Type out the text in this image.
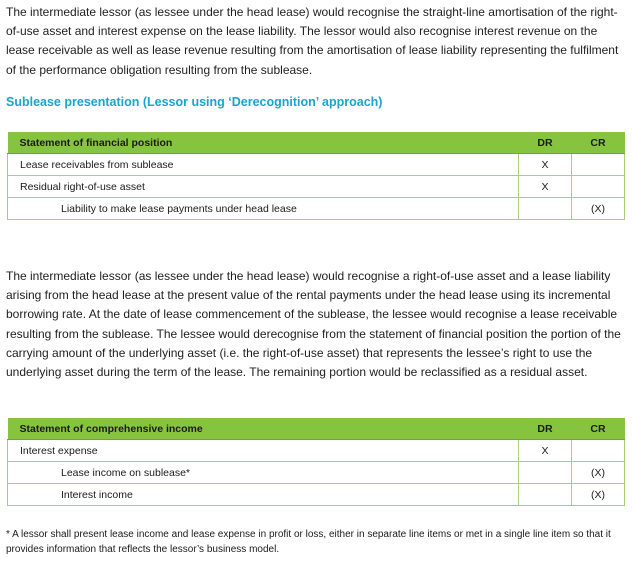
The intermediate lessor (as lessee under the head lease) would recognise the straight-line amortisation of the right-of-use asset and interest expense on the lease liability. The lessor would also recognise interest revenue on the lease receivable as well as lease revenue resulting from the amortisation of lease liability representing the fulfilment of the performance obligation resulting from the sublease.

Sublease presentation (Lessor using ‘Derecognition’ approach)

Statement of financial position	DR	CR
Lease receivables from sublease	X	
Residual right-of-use asset	X	
Liability to make lease payments under head lease		(X)

The intermediate lessor (as lessee under the head lease) would recognise a right-of-use asset and a lease liability arising from the head lease at the present value of the rental payments under the head lease using its incremental borrowing rate. At the date of lease commencement of the sublease, the lessee would recognise a lease receivable resulting from the sublease. The lessee would derecognise from the statement of financial position the portion of the carrying amount of the underlying asset (i.e. the right-of-use asset) that represents the lessee’s right to use the underlying asset during the term of the lease. The remaining portion would be reclassified as a residual asset.

Statement of comprehensive income	DR	CR
Interest expense	X	
Lease income on sublease*		(X)
Interest income		(X)

* A lessor shall present lease income and lease expense in profit or loss, either in separate line items or met in a single line item so that it provides information that reflects the lessor’s business model.
